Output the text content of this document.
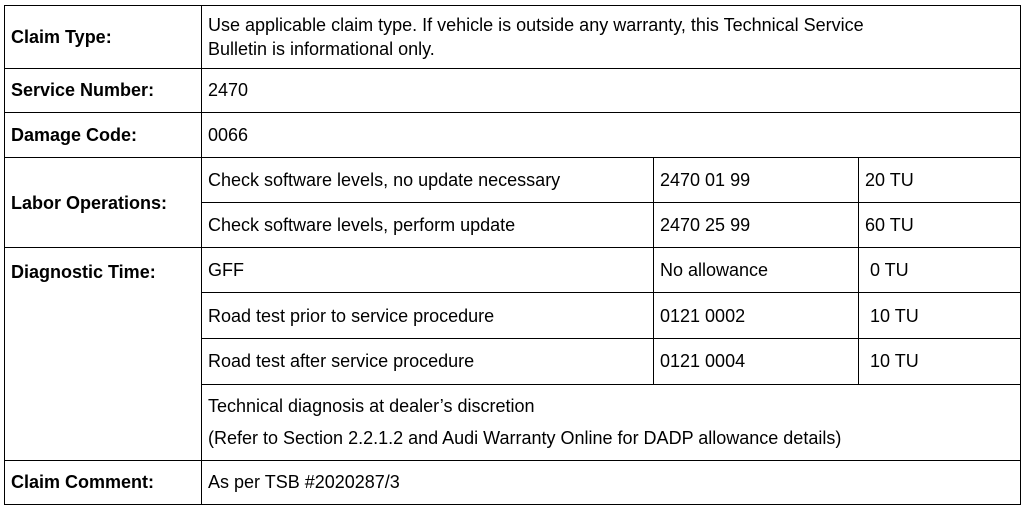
Claim Type:	Use applicable claim type. If vehicle is outside any warranty, this Technical Service
Bulletin is informational only.		

Service Number:	2470		
Damage Code:	0066		
Labor Operations:	Check software levels, no update necessary	2470 01 99	20 TU
	Check software levels, perform update	2470 25 99	60 TU
Diagnostic Time:	GFF	No allowance	0 TU
	Road test prior to service procedure	0121 0002	10 TU
	Road test after service procedure	0121 0004	10 TU

	Technical diagnosis at dealer’s discretion
(Refer to Section 2.2.1.2 and Audi Warranty Online for DADP allowance details)		

Claim Comment:	As per TSB #2020287/3		
